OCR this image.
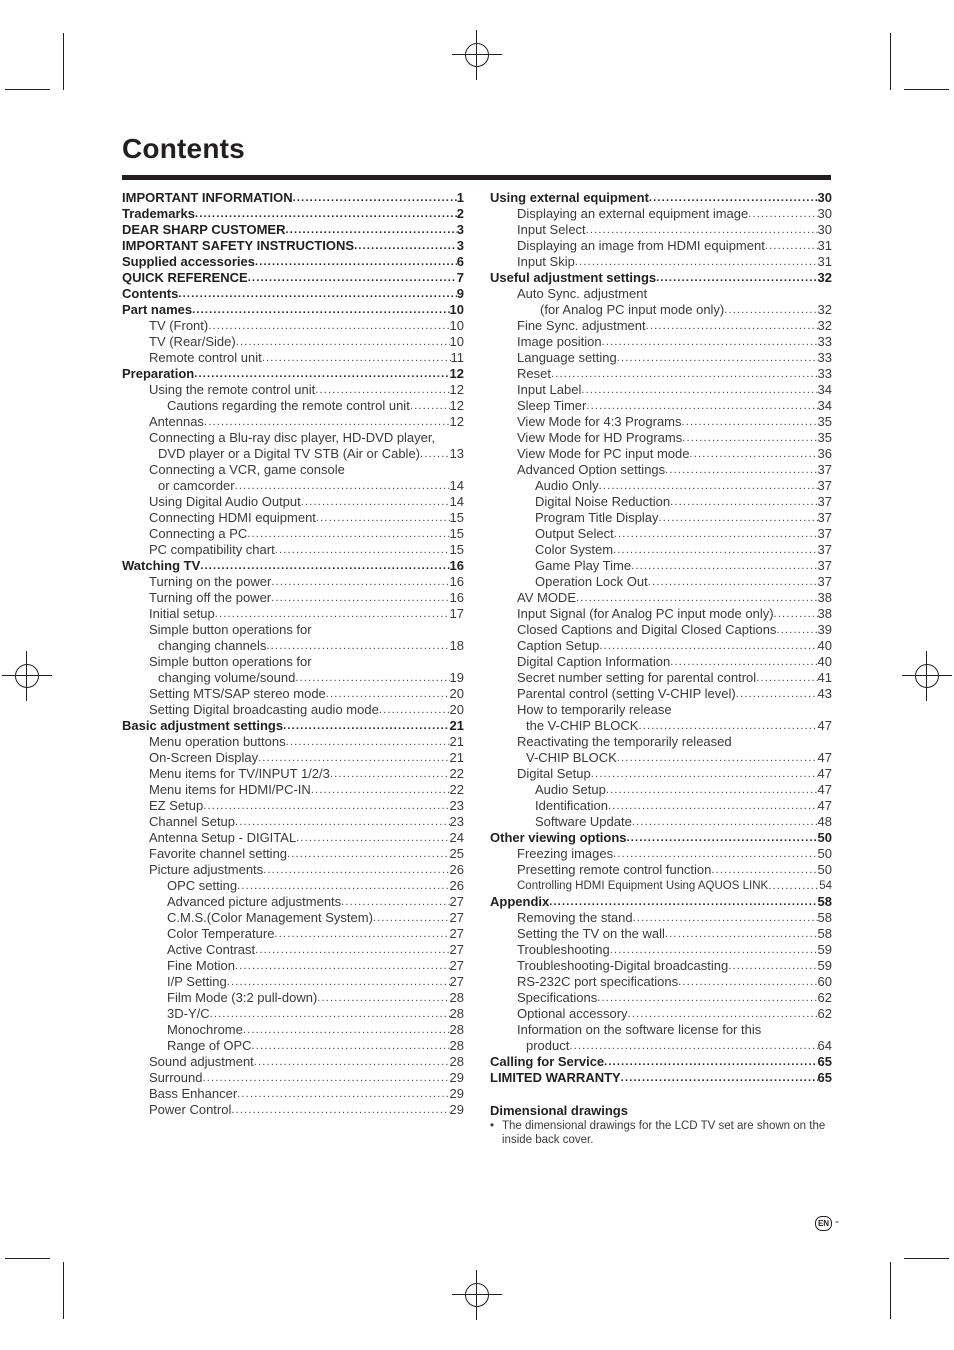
Contents
IMPORTANT INFORMATION .....	1
Trademarks .....	2
DEAR SHARP CUSTOMER .....	3
IMPORTANT SAFETY INSTRUCTIONS .....	3
Supplied accessories .....	6
QUICK REFERENCE .....	7
Contents .....	9
Part names .....	10
TV (Front) .....	10
TV (Rear/Side) .....	10
Remote control unit .....	11
Preparation .....	12
Using the remote control unit .....	12
Cautions regarding the remote control unit .....	12
Antennas .....	12
Connecting a Blu-ray disc player, HD-DVD player,
DVD player or a Digital TV STB (Air or Cable) ..... 13
Connecting a VCR, game console
or camcorder .....	14
Using Digital Audio Output .....	14
Connecting HDMI equipment .....	15
Connecting a PC .....	15
PC compatibility chart .....	15
Watching TV .....	16
Turning on the power .....	16
Turning off the power .....	16
Initial setup .....	17
Simple button operations for
changing channels .....	18
Simple button operations for
changing volume/sound .....	19
Setting MTS/SAP stereo mode .....	20
Setting Digital broadcasting audio mode .....	20
Basic adjustment settings .....	21
Menu operation buttons .....	21
On-Screen Display .....	21
Menu items for TV/INPUT 1/2/3 .....	22
Menu items for HDMI/PC-IN .....	22
EZ Setup .....	23
Channel Setup .....	23
Antenna Setup - DIGITAL .....	24
Favorite channel setting .....	25
Picture adjustments .....	26
OPC setting .....	26
Advanced picture adjustments .....	27
C.M.S.(Color Management System) .....	27
Color Temperature .....	27
Active Contrast .....	27
Fine Motion .....	27
I/P Setting .....	27
Film Mode (3:2 pull-down) .....	28
3D-Y/C .....	28
Monochrome .....	28
Range of OPC .....	28
Sound adjustment .....	28
Surround .....	29
Bass Enhancer .....	29
Power Control .....	29
Using external equipment .....	30
Displaying an external equipment image .....	30
Input Select .....	30
Displaying an image from HDMI equipment .....	31
Input Skip .....	31
Useful adjustment settings .....	32
Auto Sync. adjustment
(for Analog PC input mode only) .....	32
Fine Sync. adjustment .....	32
Image position .....	33
Language setting .....	33
Reset .....	33
Input Label .....	34
Sleep Timer .....	34
View Mode for 4:3 Programs .....	35
View Mode for HD Programs .....	35
View Mode for PC input mode .....	36
Advanced Option settings .....	37
Audio Only .....	37
Digital Noise Reduction .....	37
Program Title Display .....	37
Output Select .....	37
Color System .....	37
Game Play Time .....	37
Operation Lock Out .....	37
AV MODE .....	38
Input Signal (for Analog PC input mode only) .....	38
Closed Captions and Digital Closed Captions .....	39
Caption Setup .....	40
Digital Caption Information .....	40
Secret number setting for parental control .....	41
Parental control (setting V-CHIP level) .....	43
How to temporarily release
the V-CHIP BLOCK .....	47
Reactivating the temporarily released
V-CHIP BLOCK .....	47
Digital Setup .....	47
Audio Setup .....	47
Identification .....	47
Software Update .....	48
Other viewing options .....	50
Freezing images .....	50
Presetting remote control function .....	50
Controlling HDMI Equipment Using AQUOS LINK .....	54
Appendix .....	58
Removing the stand .....	58
Setting the TV on the wall .....	58
Troubleshooting .....	59
Troubleshooting-Digital broadcasting .....	59
RS-232C port specifications .....	60
Specifications .....	62
Optional accessory .....	62
Information on the software license for this
product .....	64
Calling for Service .....	65
LIMITED WARRANTY .....	65

Dimensional drawings

• The dimensional drawings for the LCD TV set are shown on the inside back cover.

EN -
